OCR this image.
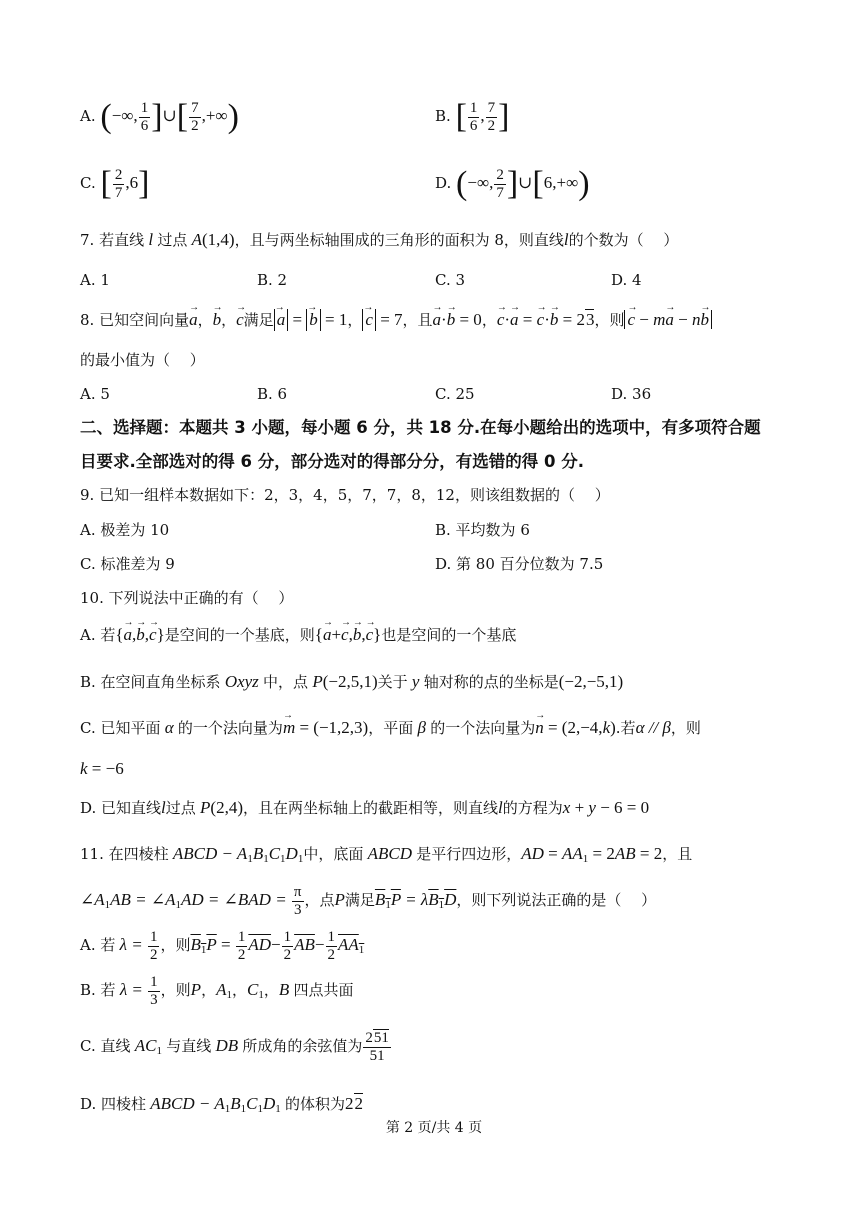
A. (−∞, $\frac{1}{6}$ ]∪[ $\frac{7}{2}$ ,+∞)	B. [ $\frac{1}{6}$ , $\frac{7}{2}$ ]
C. [ $\frac{2}{7} ,6$]	D. (−∞, $\frac{2}{7}$ ]∪[6,+∞)
7. 若直线 l 过点 A(1,4)，且与两坐标轴围成的三角形的面积为 8，则直线l的个数为（　 ）
A. 1	B. 2	C. 3	D. 4
8. 已知空间向量→ a，→ b，→ c满足 → a = → b = 1， → c = 7，且→ a·→ b = 0，→ c·→ a = → c·→ b = 23，则 → c − m→ a − n→ b
的最小值为（　 ）
A. 5	B. 6	C. 25	D. 36
二、选择题：本题共 3 小题，每小题 6 分，共 18 分.在每小题给出的选项中，有多项符合题
目要求.全部选对的得 6 分，部分选对的得部分分，有选错的得 0 分.
9. 已知一组样本数据如下：2，3，4，5，7，7，8，12，则该组数据的（　 ）
A. 极差为 10	B. 平均数为 6
C. 标准差为 9	D. 第 80 百分位数为 7.5
10. 下列说法中正确的有（　 ）
A. 若{→ a,→ b,→ c}是空间的一个基底，则{→ a+→ c,→ b,→ c}也是空间的一个基底
B. 在空间直角坐标系 Oxyz 中，点 P(−2,5,1)关于 y 轴对称的点的坐标是(−2,−5,1)
C. 已知平面 α 的一个法向量为→ m = (−1,2,3)，平面 β 的一个法向量为→ n = (2,−4,k).若α // β，则
k = −6
D. 已知直线l过点 P(2,4)，且在两坐标轴上的截距相等，则直线l的方程为x + y − 6 = 0
11. 在四棱柱 ABCD − $A_1B_1C_1D_1$中，底面 ABCD 是平行四边形，AD = $AA_1 = 2AB = 2$，且
$\angle A_1AB$ = $\angle A_1AD$ = ∠BAD = $\frac{\pi}{3}$ ，点P满足$B_1P = \lambda B_1D$，则下列说法正确的是（　 ）
A. 若 $\lambda = \frac{1}{2}$ ，则$B_1P = \frac{1}{2} \overline{AD}- \frac{1}{2} \overline{AB}- \frac{1}{2} AA_1$
B. 若 $\lambda = \frac{1}{3}$ ，则P，$A_1$，$C_1$，B 四点共面
C. 直线 $AC_1$ 与直线 DB 所成角的余弦值为 $\frac{251}{51}$
D. 四棱柱 ABCD − $A_1B_1C_1D_1$ 的体积为22
第 2 页/共 4 页
